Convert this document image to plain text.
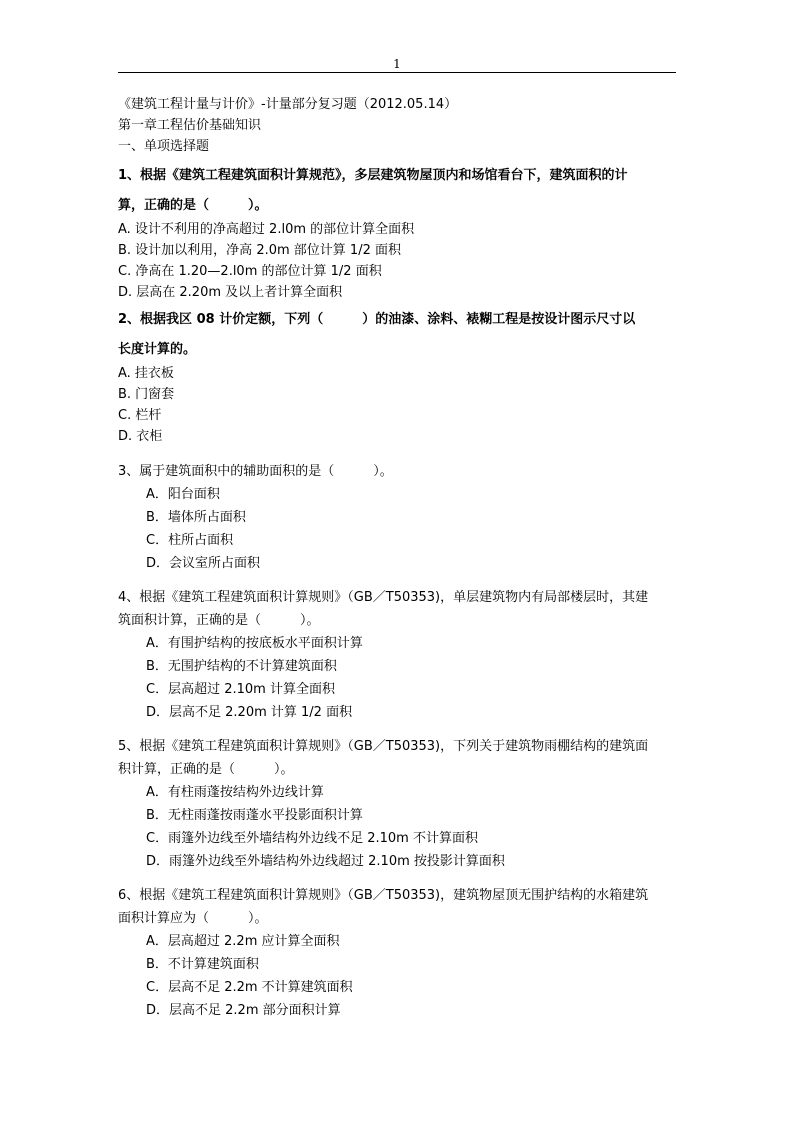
1
《建筑工程计量与计价》-计量部分复习题（2012.05.14）
第一章工程估价基础知识
一、单项选择题
1、根据《建筑工程建筑面积计算规范》，多层建筑物屋顶内和场馆看台下，建筑面积的计
算，正确的是（　　　）。
A. 设计不利用的净高超过 2.l0m 的部位计算全面积
B. 设计加以利用，净高 2.0m 部位计算 1/2 面积
C. 净高在 1.20—2.l0m 的部位计算 1/2 面积
D. 层高在 2.20m 及以上者计算全面积
2、根据我区 08 计价定额，下列（　　　）的油漆、涂料、裱糊工程是按设计图示尺寸以
长度计算的。
A. 挂衣板
B. 门窗套
C. 栏杆
D. 衣柜
3、属于建筑面积中的辅助面积的是（　　　）。
A．阳台面积
B．墙体所占面积
C．柱所占面积
D．会议室所占面积
4、根据《建筑工程建筑面积计算规则》（GB／T50353)，单层建筑物内有局部楼层时，其建
筑面积计算，正确的是（　　　）。
A．有围护结构的按底板水平面积计算
B．无围护结构的不计算建筑面积
C．层高超过 2.10m 计算全面积
D．层高不足 2.20m 计算 1/2 面积
5、根据《建筑工程建筑面积计算规则》（GB／T50353)，下列关于建筑物雨棚结构的建筑面
积计算，正确的是（　　　）。
A．有柱雨蓬按结构外边线计算
B．无柱雨蓬按雨蓬水平投影面积计算
C．雨篷外边线至外墙结构外边线不足 2.10m 不计算面积
D．雨篷外边线至外墙结构外边线超过 2.10m 按投影计算面积
6、根据《建筑工程建筑面积计算规则》（GB／T50353)，建筑物屋顶无围护结构的水箱建筑
面积计算应为（　　　）。
A．层高超过 2.2m 应计算全面积
B．不计算建筑面积
C．层高不足 2.2m 不计算建筑面积
D．层高不足 2.2m 部分面积计算
